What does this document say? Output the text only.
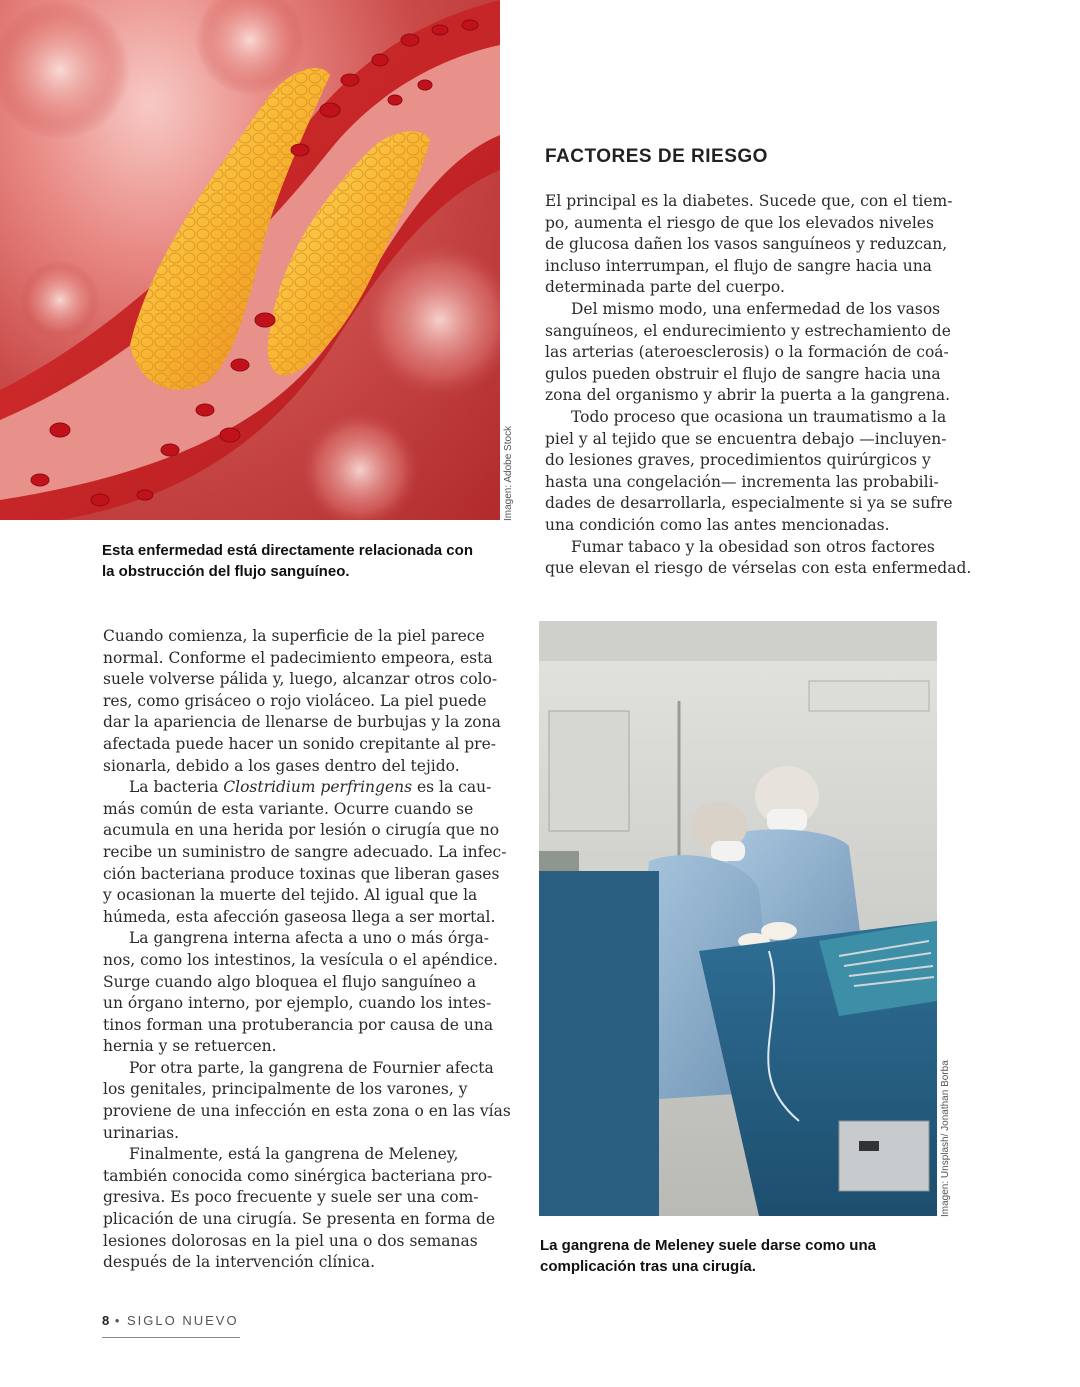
Imagen: Adobe Stock
Esta enfermedad está directamente relacionada con
la obstrucción del flujo sanguíneo.
FACTORES DE RIESGO
El principal es la diabetes. Sucede que, con el tiem-
po, aumenta el riesgo de que los elevados niveles
de glucosa dañen los vasos sanguíneos y reduzcan,
incluso interrumpan, el flujo de sangre hacia una
determinada parte del cuerpo.
Del mismo modo, una enfermedad de los vasos
sanguíneos, el endurecimiento y estrechamiento de
las arterias (ateroesclerosis) o la formación de coá-
gulos pueden obstruir el flujo de sangre hacia una
zona del organismo y abrir la puerta a la gangrena.
Todo proceso que ocasiona un traumatismo a la
piel y al tejido que se encuentra debajo —incluyen-
do lesiones graves, procedimientos quirúrgicos y
hasta una congelación— incrementa las probabili-
dades de desarrollarla, especialmente si ya se sufre
una condición como las antes mencionadas.
Fumar tabaco y la obesidad son otros factores
que elevan el riesgo de vérselas con esta enfermedad.
Cuando comienza, la superficie de la piel parece
normal. Conforme el padecimiento empeora, esta
suele volverse pálida y, luego, alcanzar otros colo-
res, como grisáceo o rojo violáceo. La piel puede
dar la apariencia de llenarse de burbujas y la zona
afectada puede hacer un sonido crepitante al pre-
sionarla, debido a los gases dentro del tejido.
La bacteria Clostridium perfringens es la cau-
más común de esta variante. Ocurre cuando se
acumula en una herida por lesión o cirugía que no
recibe un suministro de sangre adecuado. La infec-
ción bacteriana produce toxinas que liberan gases
y ocasionan la muerte del tejido. Al igual que la
húmeda, esta afección gaseosa llega a ser mortal.
La gangrena interna afecta a uno o más órga-
nos, como los intestinos, la vesícula o el apéndice.
Surge cuando algo bloquea el flujo sanguíneo a
un órgano interno, por ejemplo, cuando los intes-
tinos forman una protuberancia por causa de una
hernia y se retuercen.
Por otra parte, la gangrena de Fournier afecta
los genitales, principalmente de los varones, y
proviene de una infección en esta zona o en las vías
urinarias.
Finalmente, está la gangrena de Meleney,
también conocida como sinérgica bacteriana pro-
gresiva. Es poco frecuente y suele ser una com-
plicación de una cirugía. Se presenta en forma de
lesiones dolorosas en la piel una o dos semanas
después de la intervención clínica.
Imagen: Unsplash/ Jonathan Borba
La gangrena de Meleney suele darse como una
complicación tras una cirugía.
8 • SIGLO NUEVO
